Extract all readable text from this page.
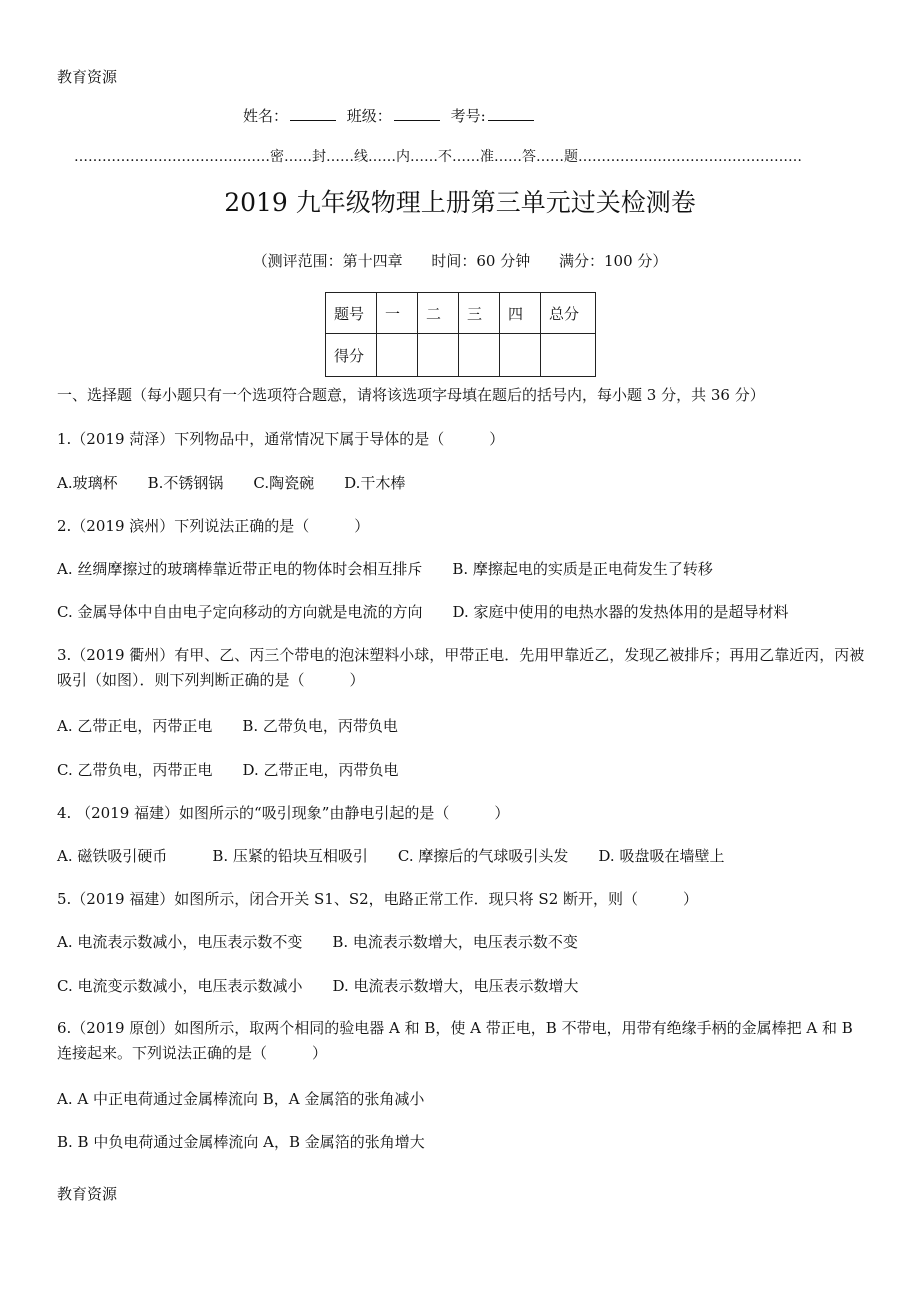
教育资源
姓名：	班级：	考号:
……………………………………密……封……线……内……不……准……答……题…………………………………………
2019 九年级物理上册第三单元过关检测卷
（测评范围：第十四章 时间：60 分钟 满分：100 分）
题号	一	二	三	四	总分
得分					
一、选择题（每小题只有一个选项符合题意，请将该选项字母填在题后的括号内，每小题 3 分，共 36 分）
1.（2019 菏泽）下列物品中，通常情况下属于导体的是（　　　）
A.玻璃杯　　B.不锈钢锅　　C.陶瓷碗　　D.干木棒
2.（2019 滨州）下列说法正确的是（　　　）
A. 丝绸摩擦过的玻璃棒靠近带正电的物体时会相互排斥　　B. 摩擦起电的实质是正电荷发生了转移
C. 金属导体中自由电子定向移动的方向就是电流的方向　　D. 家庭中使用的电热水器的发热体用的是超导材料
3.（2019 衢州）有甲、乙、丙三个带电的泡沫塑料小球，甲带正电．先用甲靠近乙，发现乙被排斥；再用乙靠近丙，丙被吸引（如图）．则下列判断正确的是（　　　）
A. 乙带正电，丙带正电　　B. 乙带负电，丙带负电
C. 乙带负电，丙带正电　　D. 乙带正电，丙带负电
4. （2019 福建）如图所示的“吸引现象”由静电引起的是（　　　）
A. 磁铁吸引硬币　　　B. 压紧的铅块互相吸引　　C. 摩擦后的气球吸引头发　　D. 吸盘吸在墙壁上
5.（2019 福建）如图所示，闭合开关 S1、S2，电路正常工作．现只将 S2 断开，则（　　　）
A. 电流表示数减小，电压表示数不变　　B. 电流表示数增大，电压表示数不变
C. 电流变示数减小，电压表示数减小　　D. 电流表示数增大，电压表示数增大
6.（2019 原创）如图所示，取两个相同的验电器 A 和 B，使 A 带正电，B 不带电，用带有绝缘手柄的金属棒把 A 和 B 连接起来。下列说法正确的是（　　　）
A. A 中正电荷通过金属棒流向 B，A 金属箔的张角减小
B. B 中负电荷通过金属棒流向 A，B 金属箔的张角增大
教育资源
